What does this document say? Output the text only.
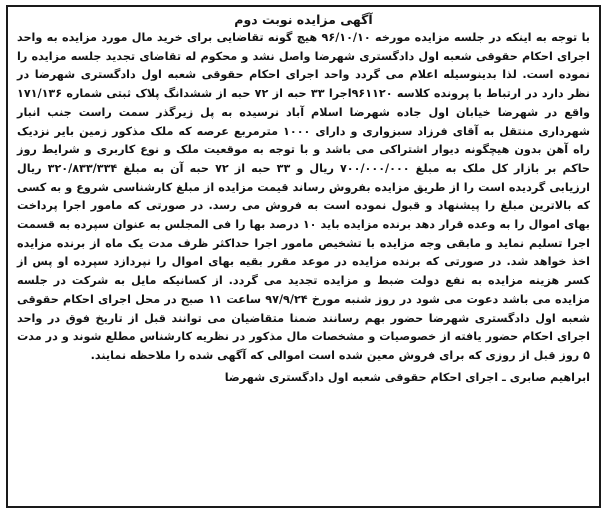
آگهی مزایده نوبت دوم

با توجه به اینکه در جلسه مزایده مورخه ۹۶/۱۰/۱۰ هیچ گونه تقاضایی برای خرید مال مورد مزایده به واحد اجرای احکام حقوقی شعبه اول دادگستری شهرضا واصل نشد و محکوم له تقاضای تجدید جلسه مزایده را نموده است. لذا بدینوسیله اعلام می گردد واحد اجرای احکام حقوقی شعبه اول دادگستری شهرضا در نظر دارد در ارتباط با پرونده کلاسه ۹۶۱۱۲۰اجرا ۳۳ حبه از ۷۲ حبه از ششدانگ پلاک ثبتی شماره ۱۷۱/۱۳۶ واقع در شهرضا خیابان اول جاده شهرضا اسلام آباد نرسیده به پل زیرگذر سمت راست جنب انبار شهرداری منتقل به آقای فرزاد سبزواری و دارای ۱۰۰۰ مترمربع عرصه که ملک مذکور زمین بایر نزدیک راه آهن بدون هیچگونه دیوار اشتراکی می باشد و با توجه به موقعیت ملک و نوع کاربری و شرایط روز حاکم بر بازار کل ملک به مبلغ ۷۰۰/۰۰۰/۰۰۰ ریال و ۳۳ حبه از ۷۲ حبه آن به مبلغ ۳۲۰/۸۳۳/۳۳۴ ریال ارزیابی گردیده است را از طریق مزایده بفروش رساند قیمت مزایده از مبلغ کارشناسی شروع و به کسی که بالاترین مبلغ را پیشنهاد و قبول نموده است به فروش می رسد. در صورتی که مامور اجرا پرداخت بهای اموال را به وعده قرار دهد برنده مزایده باید ۱۰ درصد بها را فی المجلس به عنوان سپرده به قسمت اجرا تسلیم نماید و مابقی وجه مزایده با تشخیص مامور اجرا حداکثر ظرف مدت یک ماه از برنده مزایده اخذ خواهد شد. در صورتی که برنده مزایده در موعد مقرر بقیه بهای اموال را نپردازد سپرده او پس از کسر هزینه مزایده به نفع دولت ضبط و مزایده تجدید می گردد. از کسانیکه مایل به شرکت در جلسه مزایده می باشد دعوت می شود در روز شنبه مورخ ۹۷/۹/۲۴ ساعت ۱۱ صبح در محل اجرای احکام حقوقی شعبه اول دادگستری شهرضا حضور بهم رسانند ضمنا متقاضیان می توانند قبل از تاریخ فوق در واحد اجرای احکام حضور یافته از خصوصیات و مشخصات مال مذکور در نظریه کارشناس مطلع شوند و در مدت ۵ روز قبل از روزی که برای فروش معین شده است اموالی که آگهی شده را ملاحظه نمایند.

ابراهیم صابری ـ اجرای احکام حقوقی شعبه اول دادگستری شهرضا
